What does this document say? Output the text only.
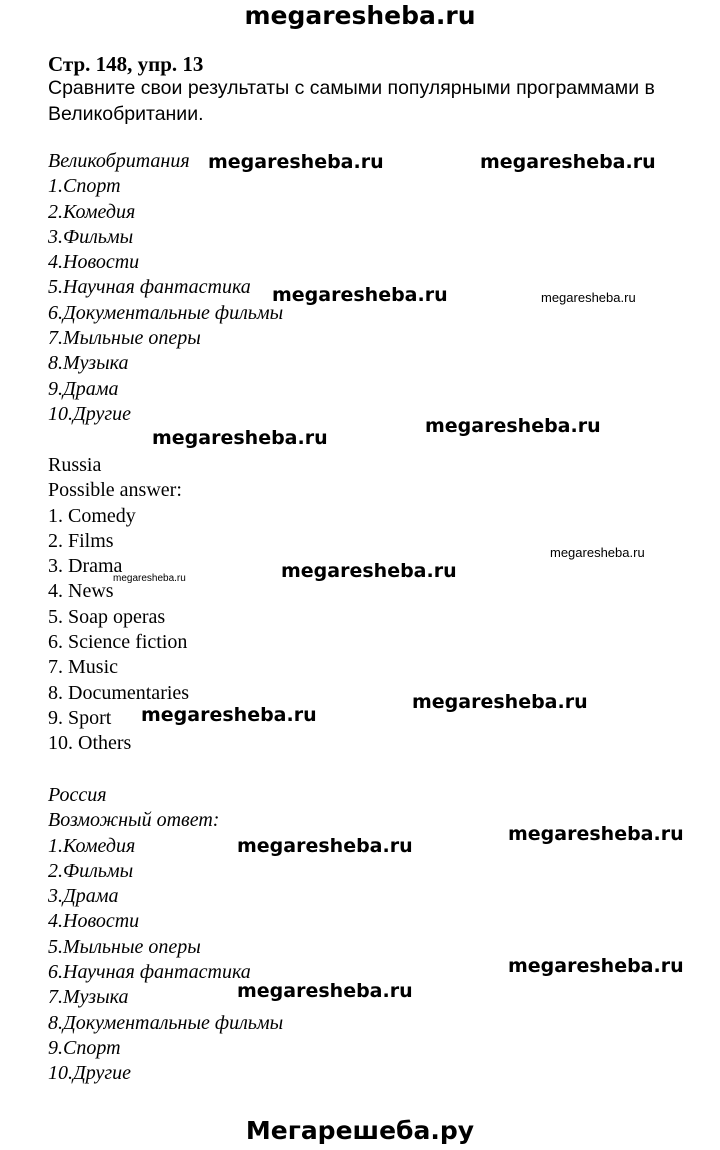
megaresheba.ru
Стр. 148, упр. 13
Сравните свои результаты с самыми популярными программами в Великобритании.
Великобритания
1.Спорт
2.Комедия
3.Фильмы
4.Новости
5.Научная фантастика
6.Документальные фильмы
7.Мыльные оперы
8.Музыка
9.Драма
10.Другие
Russia
Possible answer:
1. Comedy
2. Films
3. Drama
4. News
5. Soap operas
6. Science fiction
7. Music
8. Documentaries
9. Sport
10. Others
Россия
Возможный ответ:
1.Комедия
2.Фильмы
3.Драма
4.Новости
5.Мыльные оперы
6.Научная фантастика
7.Музыка
8.Документальные фильмы
9.Спорт
10.Другие
megaresheba.ru	megaresheba.ru
megaresheba.ru	megaresheba.ru
megaresheba.ru
megaresheba.ru
megaresheba.ru
megaresheba.ru
megaresheba.ru
megaresheba.ru
megaresheba.ru
megaresheba.ru
megaresheba.ru
megaresheba.ru
megaresheba.ru
Мегарешеба.ру
